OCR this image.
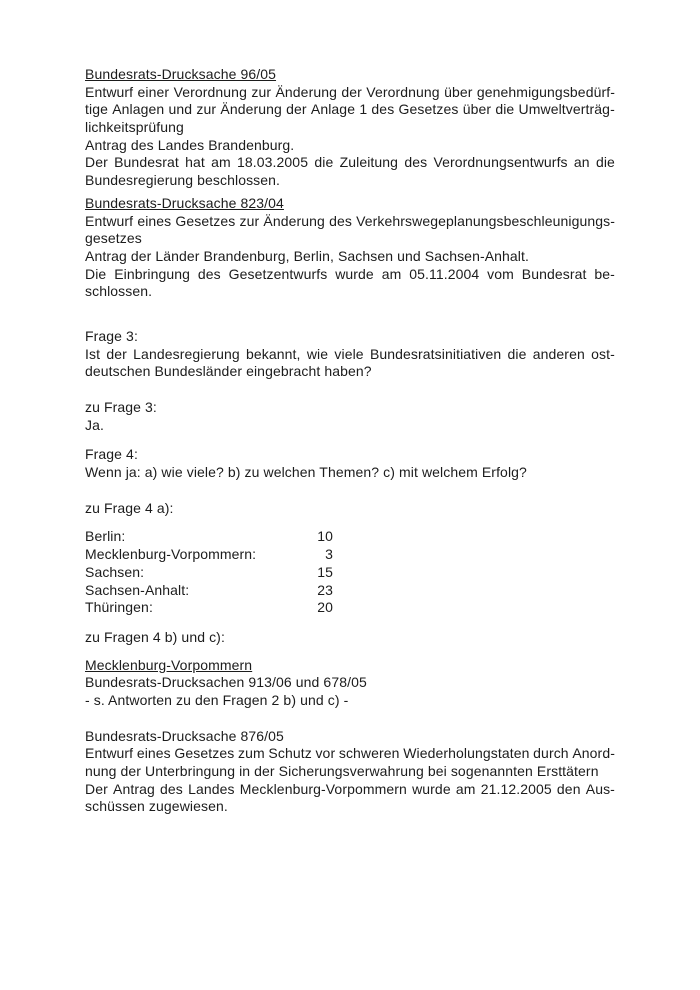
Bundesrats-Drucksache 96/05
Entwurf einer Verordnung zur Änderung der Verordnung über genehmigungsbedürf-
tige Anlagen und zur Änderung der Anlage 1 des Gesetzes über die Umweltverträg-
lichkeitsprüfung
Antrag des Landes Brandenburg.
Der Bundesrat hat am 18.03.2005 die Zuleitung des Verordnungsentwurfs an die
Bundesregierung beschlossen.
Bundesrats-Drucksache 823/04
Entwurf eines Gesetzes zur Änderung des Verkehrswegeplanungsbeschleunigungs-
gesetzes
Antrag der Länder Brandenburg, Berlin, Sachsen und Sachsen-Anhalt.
Die Einbringung des Gesetzentwurfs wurde am 05.11.2004 vom Bundesrat be-
schlossen.
Frage 3:
Ist der Landesregierung bekannt, wie viele Bundesratsinitiativen die anderen ost-
deutschen Bundesländer eingebracht haben?
zu Frage 3:
Ja.
Frage 4:
Wenn ja: a) wie viele? b) zu welchen Themen? c) mit welchem Erfolg?
zu Frage 4 a):
Berlin:	10
Mecklenburg-Vorpommern:	3
Sachsen:	15
Sachsen-Anhalt:	23
Thüringen:	20
zu Fragen 4 b) und c):
Mecklenburg-Vorpommern
Bundesrats-Drucksachen 913/06 und 678/05
- s. Antworten zu den Fragen 2 b) und c) -
Bundesrats-Drucksache 876/05
Entwurf eines Gesetzes zum Schutz vor schweren Wiederholungstaten durch Anord-
nung der Unterbringung in der Sicherungsverwahrung bei sogenannten Ersttätern
Der Antrag des Landes Mecklenburg-Vorpommern wurde am 21.12.2005 den Aus-
schüssen zugewiesen.
